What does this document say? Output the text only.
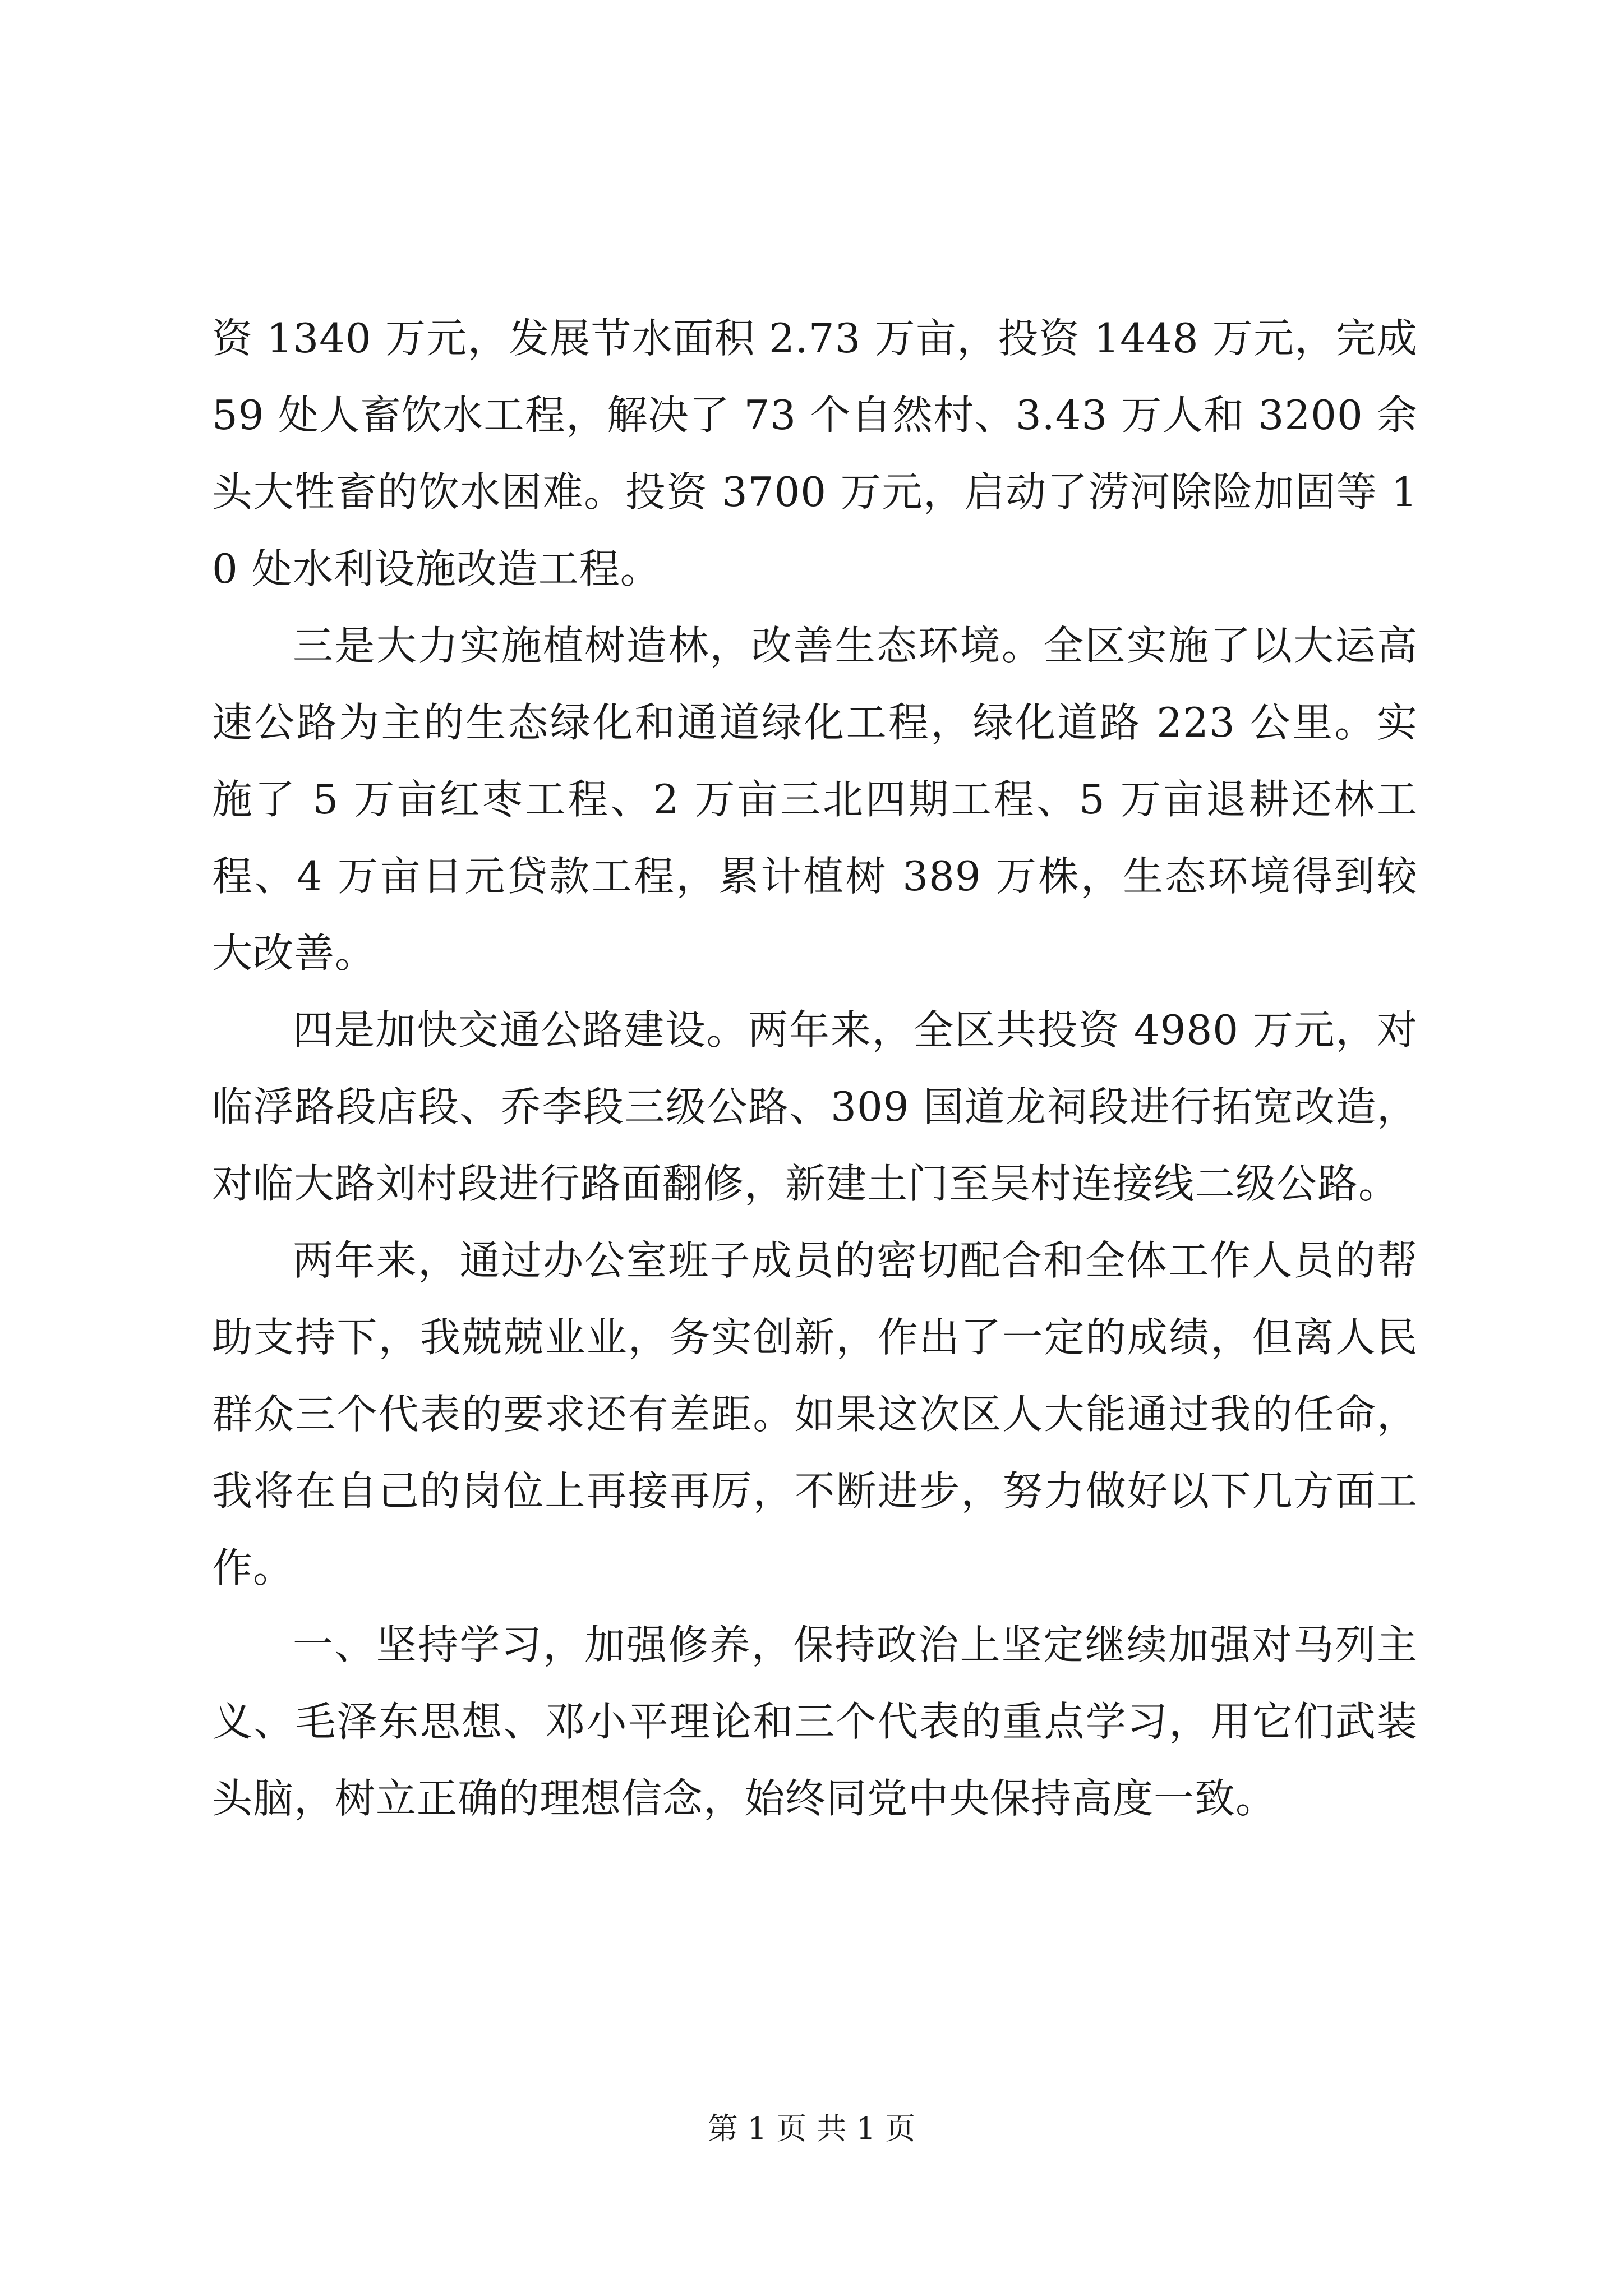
资 1340 万元，发展节水面积 2.73 万亩，投资 1448 万元，完成 59 处人畜饮水工程，解决了 73 个自然村、3.43 万人和 3200 余头大牲畜的饮水困难。投资 3700 万元，启动了涝河除险加固等 10 处水利设施改造工程。

三是大力实施植树造林，改善生态环境。全区实施了以大运高速公路为主的生态绿化和通道绿化工程，绿化道路 223 公里。实施了 5 万亩红枣工程、2 万亩三北四期工程、5 万亩退耕还林工程、4 万亩日元贷款工程，累计植树 389 万株，生态环境得到较大改善。

四是加快交通公路建设。两年来，全区共投资 4980 万元，对临浮路段店段、乔李段三级公路、309 国道龙祠段进行拓宽改造，对临大路刘村段进行路面翻修，新建土门至吴村连接线二级公路。

两年来，通过办公室班子成员的密切配合和全体工作人员的帮助支持下，我兢兢业业，务实创新，作出了一定的成绩，但离人民群众三个代表的要求还有差距。如果这次区人大能通过我的任命，我将在自己的岗位上再接再厉，不断进步，努力做好以下几方面工作。

一、坚持学习，加强修养，保持政治上坚定继续加强对马列主义、毛泽东思想、邓小平理论和三个代表的重点学习，用它们武装头脑，树立正确的理想信念，始终同党中央保持高度一致。

第 1 页 共 1 页
